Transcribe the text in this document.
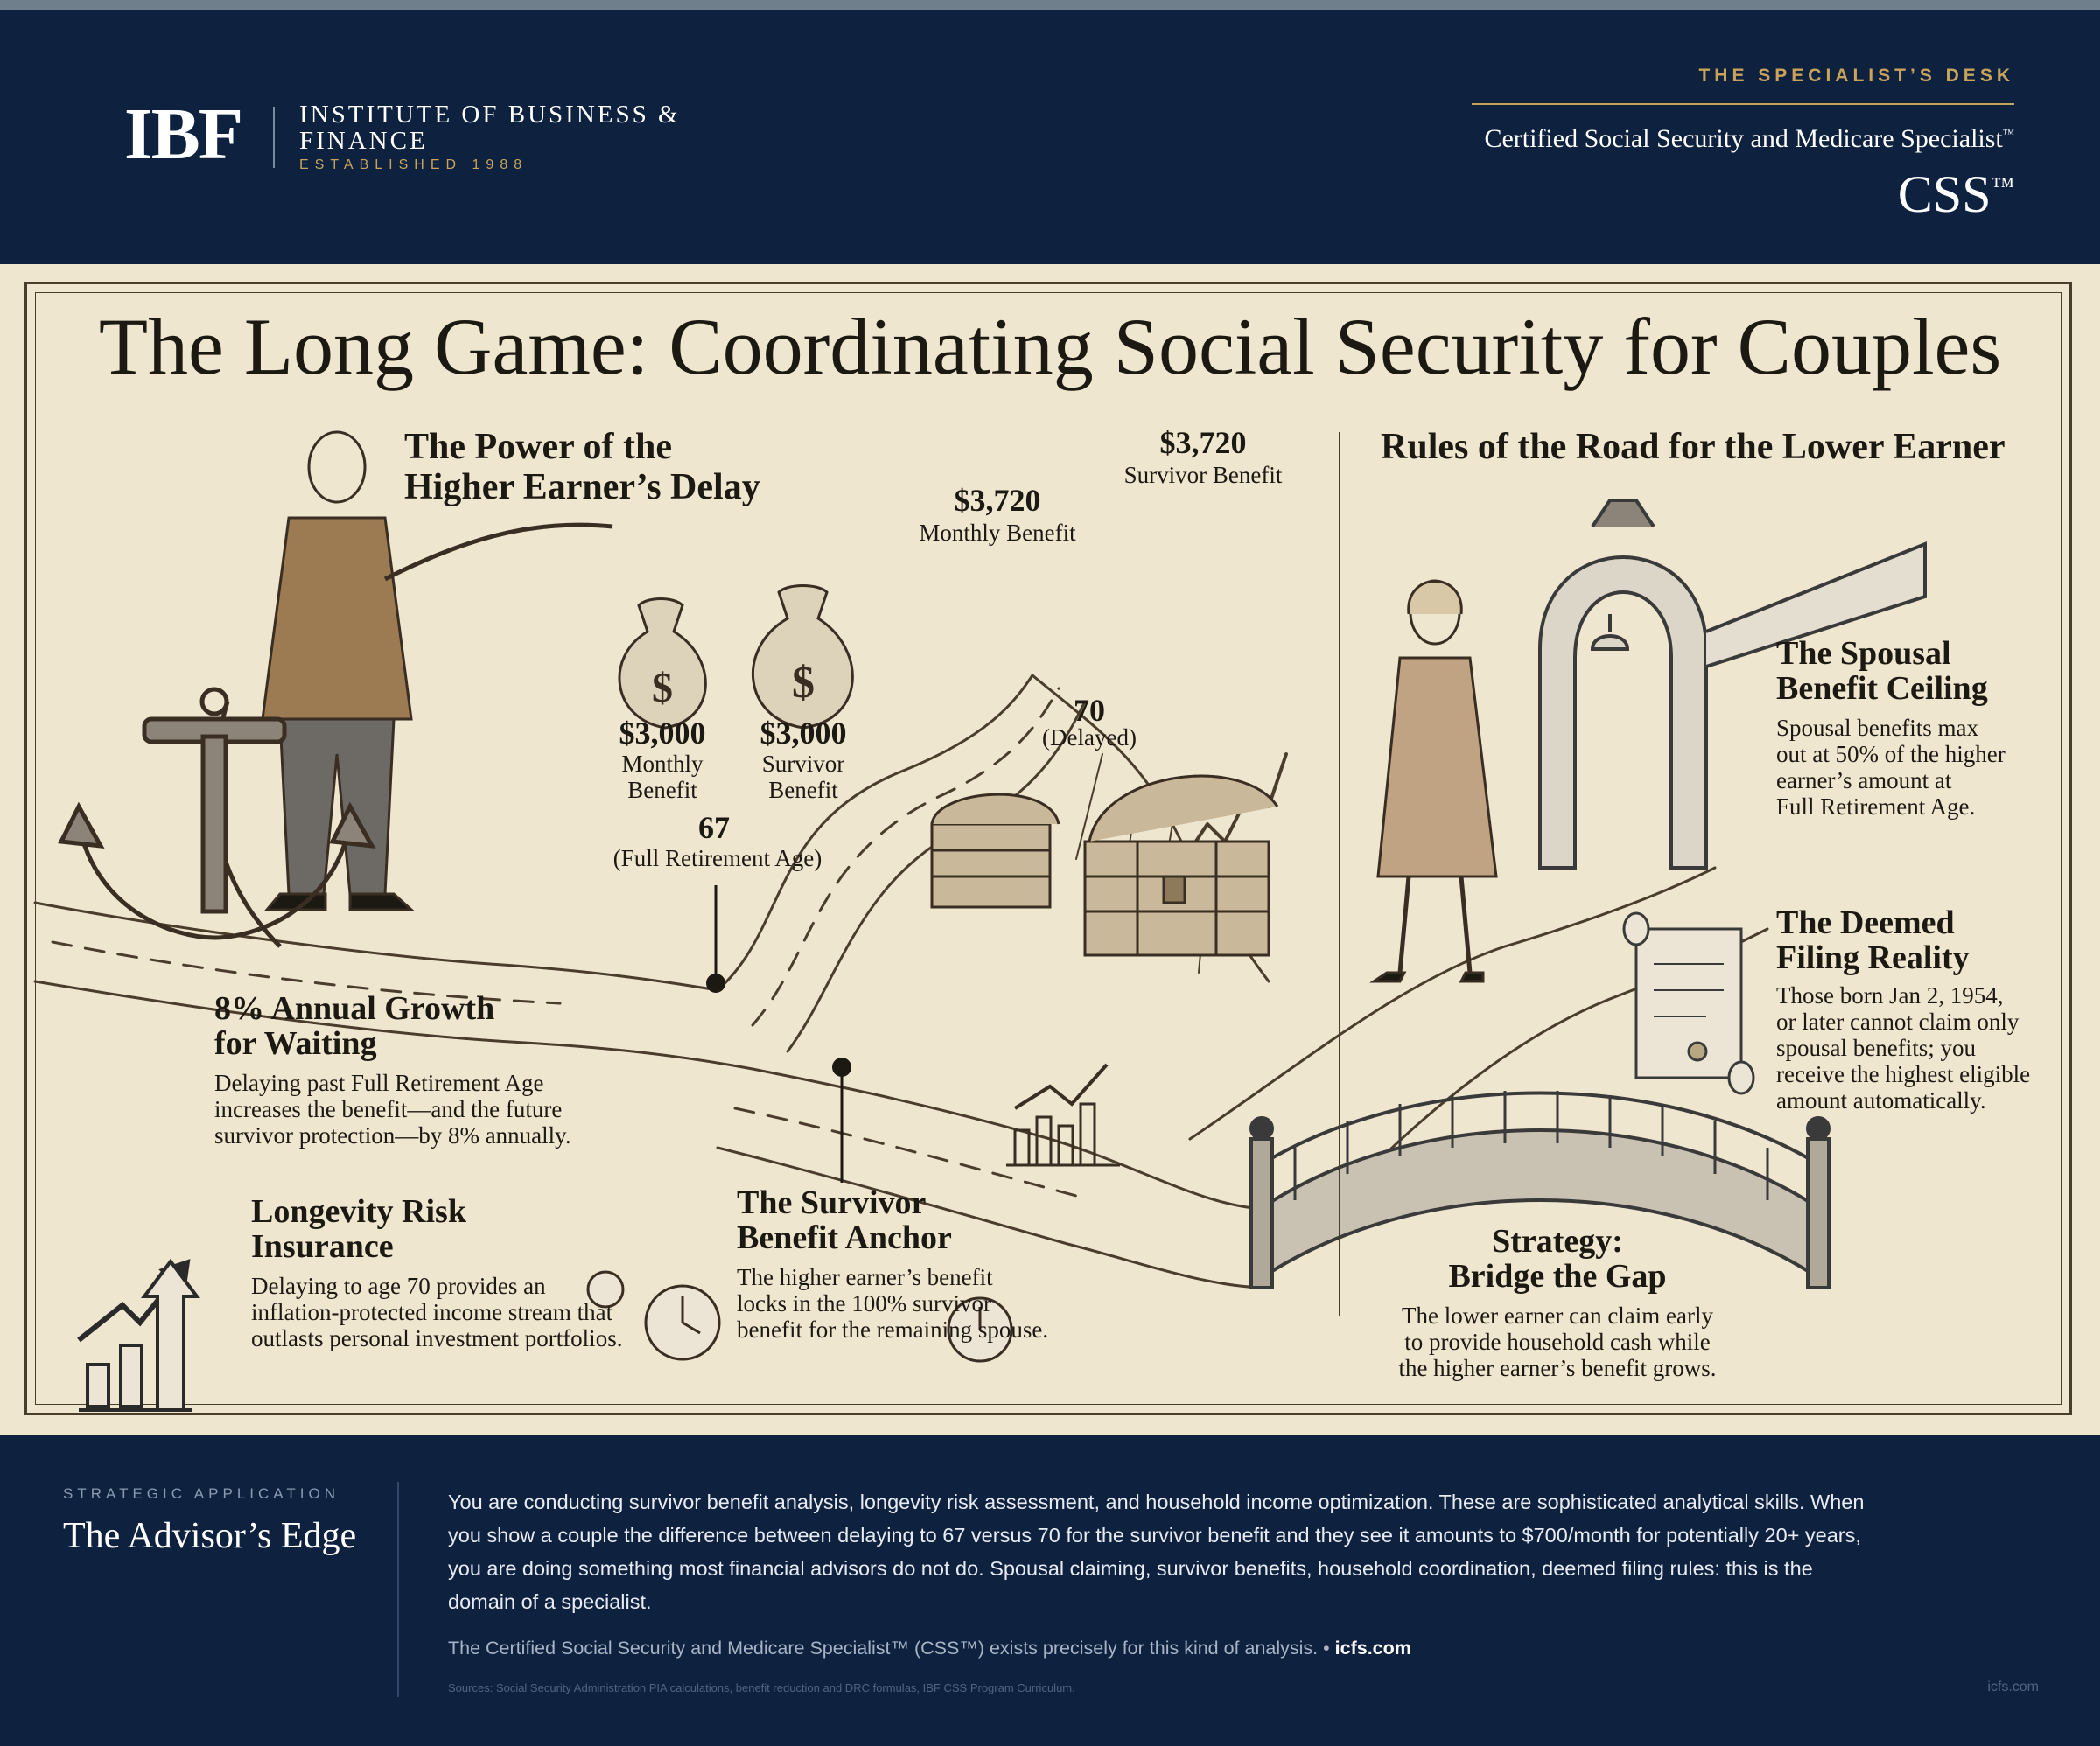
IBF INSTITUTE OF BUSINESS & FINANCE
ESTABLISHED 1988
THE SPECIALIST’S DESK
Certified Social Security and Medicare Specialist™
CSS™
$	$
The Long Game: Coordinating Social Security for Couples
The Power of the
Higher Earner’s Delay
$3,000
Monthly
Benefit
$3,000
Survivor
Benefit
67
(Full Retirement Age)
$3,720
Monthly Benefit
$3,720
Survivor Benefit
70
(Delayed)
8% Annual Growth
for Waiting
Delaying past Full Retirement Age
increases the benefit—and the future
survivor protection—by 8% annually.
Longevity Risk
Insurance
Delaying to age 70 provides an
inflation-protected income stream that
outlasts personal investment portfolios.
The Survivor
Benefit Anchor
The higher earner’s benefit
locks in the 100% survivor
benefit for the remaining spouse.
Rules of the Road for the Lower Earner
The Spousal
Benefit Ceiling
Spousal benefits max
out at 50% of the higher
earner’s amount at
Full Retirement Age.
The Deemed
Filing Reality
Those born Jan 2, 1954,
or later cannot claim only
spousal benefits; you
receive the highest eligible
amount automatically.
Strategy:
Bridge the Gap
The lower earner can claim early
to provide household cash while
the higher earner’s benefit grows.
STRATEGIC APPLICATION
The Advisor’s Edge
You are conducting survivor benefit analysis, longevity risk assessment, and household income optimization. These are sophisticated analytical skills. When you show a couple the difference between delaying to 67 versus 70 for the survivor benefit and they see it amounts to $700/month for potentially 20+ years, you are doing something most financial advisors do not do. Spousal claiming, survivor benefits, household coordination, deemed filing rules: this is the domain of a specialist.
The Certified Social Security and Medicare Specialist™ (CSS™) exists precisely for this kind of analysis. • icfs.com
Sources: Social Security Administration PIA calculations, benefit reduction and DRC formulas, IBF CSS Program Curriculum.	icfs.com
